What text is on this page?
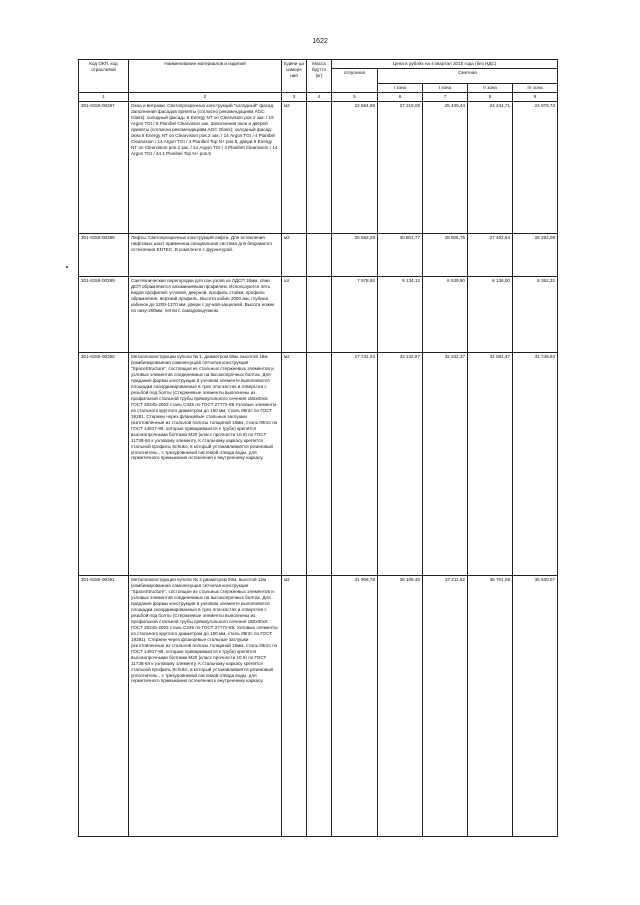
1622
Код ОКП, код отраслевой	Наименование материалов и изделий	Едини ца измере ния	Масса брутто (кг)	Цена в рублях на 4 квартал 2015 года (без НДС)				
				отпускная	Сметная			
					I зона	I зона	II зона	IV зона
1	2	3	4	5	6	7	8	9
301-8156-00387	Окна и витражи. Светопрозрачных конструкций "холодный" фасад. Заполнения фасадов приняты (согласно рекомендациям AGC Glass): холодный фасад= 6 Energy NT on Clearvision pos.2 зак. / 16 Argon TGI / 8 Planibel Clearvision зак. Заполнения окон и дверей приняты (согласно рекомендациям AGC Glass): холодный фасад: окна 6 Energy NT on Clearvision pos.2 зак. / 14 Argon TGI / 4 Planibel Clearvision / 14 Argon TGI / 4 Planibel Top N+ pos.5, двери 6 Energy NT on Clearvision pos.2 зак. / 14 Argon TGI / 4 Planibel Clearvision / 14 Argon TGI / 44.1 Planibel Top N+ pos.5	м2		22 564,89	27 219,06	25 430,44	24 244,71	24 978,73
301-8156-00388	Лифты. Светопрозрачных конструкций лифта. Для остекления лифтовых шахт применена специальная система для безрамного остекления ENTEC. В комплекте с фурнитурой.	м2		25 582,29	30 801,77	28 805,75	27 462,64	28 294,09
301-8156-00389	Сантехнические перегородки для сан.узлов из ЛДСП 16мм, сваи ДСП обрамляются алюминиевым профилем. Используются пять видов профилей: угловой, дверной, профиль стойки, профиль обрамления, верхний профиль. Высота кабин 2000 мм, глубина кабинок до 1200-1370 мм, двери с ручкой-защелкой. Высота ножек по низу-200мм, петли с самодоводчиком.	шт		7 578,93	9 134,12	8 539,90	8 136,00	8 392,32
301-8156-00390	Металлоконструкции купола № 1, диаметром 66м, высотой 18м (комбинированная самонесущая сетчатая конструкция "SpaceStructure", состоящая из стальных стержневых элементов и узловых элементов соединяемых на высокопрочных болтах. Для придания формы конструкции в узловом элементе выполняются площадки скоординированные в трех плоскостях и отверстия с резьбой под болты )Стержневые элементы выполнены из профильной стальной трубы прямоугольного сечения 180х80х5 ГОСТ 30245-2003 сталь С345 по ГОСТ 27772-88 Узловые элементы- из стального круглого диаметром до 150 мм, сталь 09г2с по ГОСТ 19281. Стержни через фланцевые стальные заглушки (изготовленные из стальной полосы толщиной 16мм, сталь 09г2с по ГОСТ 14817-89, которые привариваются к трубе) крепятся высокопрочными болтами М20 (класс прочности 10.9) по ГОСТ 11738-84 к узловому элементу. К стальному каркасу крепится стальной профиль Schuko, в который устанавливается резиновый уплотнитель , с трехуровневой системой отвода воды, для герметичного примыкания остекления к внутреннему каркасу.	м2		27 731,53	33 132,57	32 342,37	31 081,47	31 749,93
301-8156-00391	Металлоконструкция купола № 2 диаметром 50м, высотой 12м (комбинированная самонесущая сетчатая конструкция "SpaceStructure", состоящая из стальных стержневых элементов и узловых элементов соединяемых на высокопрочных болтах. Для придания формы конструкции в узловом элементе выполняются площадки скоординированные в трех плоскостях и отверстия с резьбой под болты )Стержневые элементы выполнены из профильной стальной трубы прямоугольного сечения 180х80х5 ГОСТ 30245-2003 сталь С345 по ГОСТ 27772-88. Узловые элементы- из стального круглого диаметром до 150 мм, сталь 09г2с по ГОСТ 19281). Стержни через фланцевые стальные заглушки (изготовленные из стальной полосы толщиной 16мм, сталь 09г2с по ГОСТ 14817-89, которые привариваются к трубе) крепятся высокопрочными болтами М20 (класс прочности 10.9) по ГОСТ 11738-84 к узловому элементу. К стальному каркасу крепится стальной профиль Schuko, в который устанавливается резиновый уплотнитель , с трехуровневой системой отвода воды, для герметичного примыкания остекления к внутреннему каркасу.	м2		31 906,78	38 109,48	37 211,62	35 761,09	36 530,07
